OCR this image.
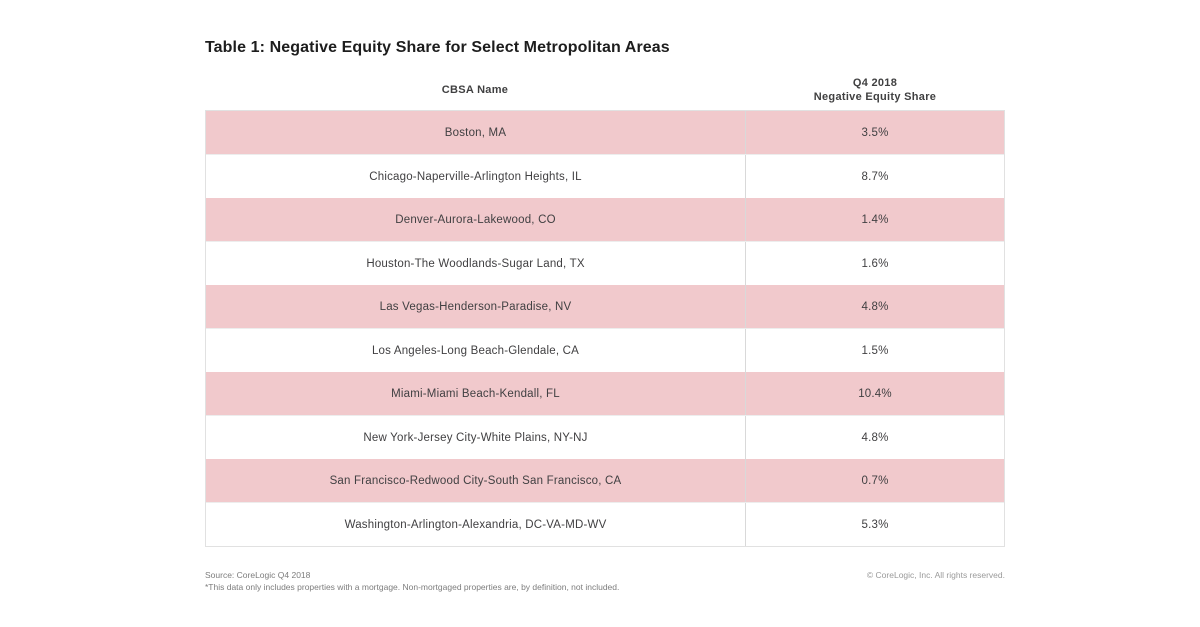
Table 1: Negative Equity Share for Select Metropolitan Areas
CBSA Name
Q4 2018
Negative Equity Share
Boston, MA	3.5%
Chicago-Naperville-Arlington Heights, IL	8.7%
Denver-Aurora-Lakewood, CO	1.4%
Houston-The Woodlands-Sugar Land, TX	1.6%
Las Vegas-Henderson-Paradise, NV	4.8%
Los Angeles-Long Beach-Glendale, CA	1.5%
Miami-Miami Beach-Kendall, FL	10.4%
New York-Jersey City-White Plains, NY-NJ	4.8%
San Francisco-Redwood City-South San Francisco, CA	0.7%
Washington-Arlington-Alexandria, DC-VA-MD-WV	5.3%
Source: CoreLogic Q4 2018
*This data only includes properties with a mortgage. Non-mortgaged properties are, by definition, not included.
© CoreLogic, Inc. All rights reserved.
